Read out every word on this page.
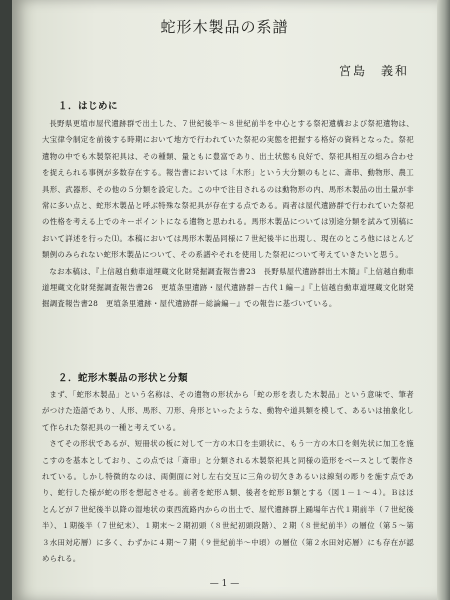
蛇形木製品の系譜
宮島　義和
１．はじめに

長野県更埴市屋代遺跡群で出土した、７世紀後半～８世紀前半を中心とする祭祀遺構および祭祀遺物は、大宝律令制定を前後する時期において地方で行われていた祭祀の実態を把握する格好の資料となった。祭祀遺物の中でも木製祭祀具は、その種類、量ともに豊富であり、出土状態も良好で、祭祀具相互の組み合わせを捉えられる事例が多数存在する。報告書においては「木形」という大分類のもとに、斎串、動物形、農工具形、武器形、その他の５分類を設定した。この中で注目されるのは動物形の内、馬形木製品の出土量が非常に多い点と、蛇形木製品と呼ぶ特殊な祭祀具が存在する点である。両者は屋代遺跡群で行われていた祭祀の性格を考える上でのキーポイントになる遺物と思われる。馬形木製品については別途分類を試みて別稿において詳述を行った⑴。本稿においては馬形木製品同様に７世紀後半に出現し、現在のところ他にはとんど類例のみられない蛇形木製品について、その系譜やそれを使用した祭祀について考えていきたいと思う。

なお本稿は、『上信越自動車道埋蔵文化財発掘調査報告書23　長野県屋代遺跡群出土木簡』『上信越自動車道埋蔵文化財発掘調査報告書26　更埴条里遺跡・屋代遺跡群－古代１編－』『上信越自動車道埋蔵文化財発掘調査報告書28　更埴条里遺跡・屋代遺跡群－総論編－』での報告に基づいている。

２．蛇形木製品の形状と分類

まず、「蛇形木製品」という名称は、その遺物の形状から「蛇の形を表した木製品」という意味で、筆者がつけた造語であり、人形、馬形、刀形、舟形といったような、動物や道具類を模して、あるいは抽象化して作られた祭祀具の一種と考えている。

さてその形状であるが、短冊状の板に対して一方の木口を圭頭状に、もう一方の木口を剣先状に加工を施こすのを基本としており、この点では「斎串」と分類される木製祭祀具と同様の造形をベースとして製作されている。しかし特徴的なのは、両側面に対し左右交互に三角の切欠きあるいは線刻の彫りを施す点であり、蛇行した様が蛇の形を想起させる。前者を蛇形Ａ類、後者を蛇形Ｂ類とする（図１－１～４）。Ｂはほとんどが７世紀後半以降の湿地状の東西流路内からの出土で、屋代遺跡群上踊場年古代１期前半（７世紀後半）、１期後半（７世紀末）、１期末～２期初頭（８世紀初頭段階）、２期（８世紀前半）の層位（第５～第３水田対応層）に多く、わずかに４期～７期（９世紀前半～中頃）の層位（第２水田対応層）にも存在が認められる。

— 1 —
